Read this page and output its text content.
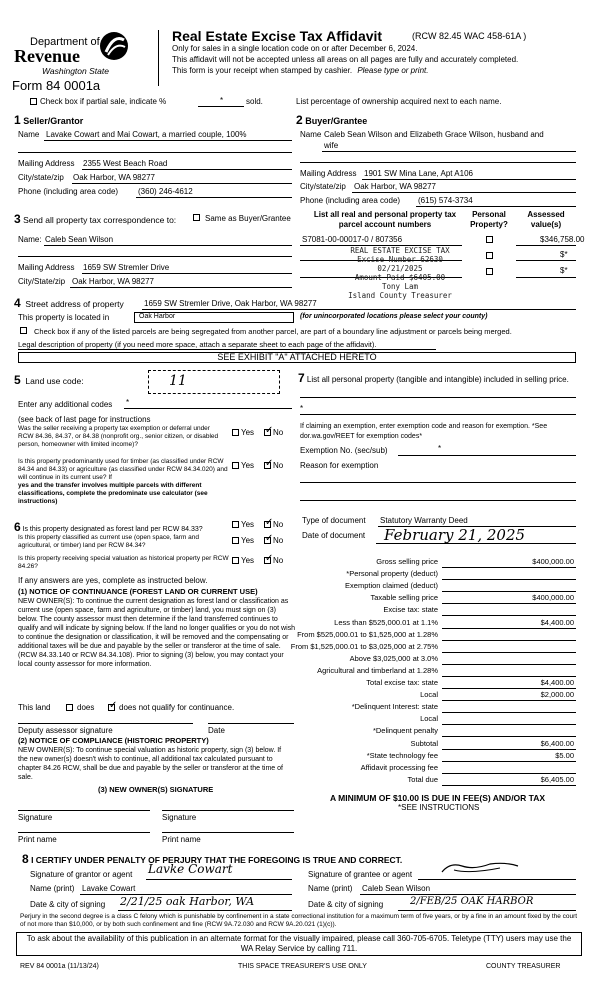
Department of
Revenue
Washington State
Form 84 0001a
Real Estate Excise Tax Affidavit	(RCW 82.45 WAC 458-61A )
Only for sales in a single location code on or after December 6, 2024.
This affidavit will not be accepted unless all areas on all pages are fully and accurately completed.
This form is your receipt when stamped by cashier. Please type or print.
Check box if partial sale, indicate %	*	sold.	List percentage of ownership acquired next to each name.
1 Seller/Grantor
Name Lavake Cowart and Mai Cowart, a married couple, 100%
Mailing Address 2355 West Beach Road
City/state/zip Oak Harbor, WA 98277
Phone (including area code) (360) 246-4612
2 Buyer/Grantee
Name Caleb Sean Wilson and Elizabeth Grace Wilson, husband and
wife
Mailing Address 1901 SW Mina Lane, Apt A106
City/state/zip Oak Harbor, WA 98277
Phone (including area code) (615) 574-3734
3 Send all property tax correspondence to:	Same as Buyer/Grantee
Name: Caleb Sean Wilson
Mailing Address 1659 SW Stremler Drive
City/State/zip Oak Harbor, WA 98277
List all real and personal property tax parcel account numbers
Personal Property?
Assessed value(s)
S7081-00-00017-0 / 807356	$346,758.00
$*
$*
REAL ESTATE EXCISE TAX
Excise Number 62630
02/21/2025
Amount Paid $6405.00
Tony Lam
Island County Treasurer
4 Street address of property	1659 SW Stremler Drive, Oak Harbor, WA 98277
This property is located in	Oak Harbor	(for unincorporated locations please select your county)
Check box if any of the listed parcels are being segregated from another parcel, are part of a boundary line adjustment or parcels being merged.
Legal description of property (if you need more space, attach a separate sheet to each page of the affidavit).
SEE EXHIBIT "A" ATTACHED HERETO
5 Land use code:	11
Enter any additional codes *
(see back of last page for instructions
Was the seller receiving a property tax exemption or deferral under RCW 84.36, 84.37, or 84.38 (nonprofit org., senior citizen, or disabled person, homeowner with limited income)?
Yes ✓ No
Is this property predominantly used for timber (as classified under RCW 84.34 and 84.33) or agriculture (as classified under RCW 84.34.020) and will continue in its current use? If
yes and the transfer involves multiple parcels with different classifications, complete the predominate use calculator (see instructions)
Yes ✓ No
7 List all personal property (tangible and intangible) included in selling price.
*
If claiming an exemption, enter exemption code and reason for exemption. *See dor.wa.gov/REET for exemption codes*
Exemption No. (sec/sub)	*
Reason for exemption
6 Is this property designated as forest land per RCW 84.33?
Yes ✓ No
Is this property classified as current use (open space, farm and agricultural, or timber) land per RCW 84.34?
Yes ✓ No
Is this property receiving special valuation as historical property per RCW 84.26?
Yes ✓ No
If any answers are yes, complete as instructed below.
(1) NOTICE OF CONTINUANCE (FOREST LAND OR CURRENT USE)
NEW OWNER(S): To continue the current designation as forest land or classification as current use (open space, farm and agriculture, or timber) land, you must sign on (3) below. The county assessor must then determine if the land transferred continues to qualify and will indicate by signing below. If the land no longer qualifies or you do not wish to continue the designation or classification, it will be removed and the compensating or additional taxes will be due and payable by the seller or transferor at the time of sale. (RCW 84.33.140 or RCW 84.34.108). Prior to signing (3) below, you may contact your local county assessor for more information.
This land	does ✓	does not qualify for continuance.
Deputy assessor signature	Date
(2) NOTICE OF COMPLIANCE (HISTORIC PROPERTY)
NEW OWNER(S): To continue special valuation as historic property, sign (3) below. If the new owner(s) doesn't wish to continue, all additional tax calculated pursuant to chapter 84.26 RCW, shall be due and payable by the seller or transferor at the time of sale.
(3) NEW OWNER(S) SIGNATURE
Signature	Signature
Print name	Print name
Type of document Statutory Warranty Deed
Date of document February 21, 2025
Gross selling price	$400,000.00
*Personal property (deduct)
Exemption claimed (deduct)
Taxable selling price	$400,000.00
Excise tax: state
Less than $525,000.01 at 1.1%	$4,400.00
From $525,000.01 to $1,525,000 at 1.28%
From $1,525,000.01 to $3,025,000 at 2.75%
Above $3,025,000 at 3.0%
Agricultural and timberland at 1.28%
Total excise tax: state	$4,400.00
Local	$2,000.00
*Delinquent Interest: state
Local
*Delinquent penalty
Subtotal	$6,400.00
*State technology fee	$5.00
Affidavit processing fee
Total due	$6,405.00
A MINIMUM OF $10.00 IS DUE IN FEE(S) AND/OR TAX
*SEE INSTRUCTIONS
8 I CERTIFY UNDER PENALTY OF PERJURY THAT THE FOREGOING IS TRUE AND CORRECT.
Signature of grantor or agent Lavke Cowart
Name (print) Lavake Cowart
Date & city of signing 2/21/25 oak Harbor, WA
Signature of grantee or agent
Name (print) Caleb Sean Wilson
Date & city of signing	2/FEB/25 OAK HARBOR
Perjury in the second degree is a class C felony which is punishable by confinement in a state correctional institution for a maximum term of five years, or by a fine in an amount fixed by the court of not more than $10,000, or by both such confinement and fine (RCW 9A.72.030 and RCW 9A.20.021 (1)(c)).
To ask about the availability of this publication in an alternate format for the visually impaired, please call 360-705-6705. Teletype (TTY) users may use the WA Relay Service by calling 711.
REV 84 0001a (11/13/24)	THIS SPACE TREASURER'S USE ONLY	COUNTY TREASURER
